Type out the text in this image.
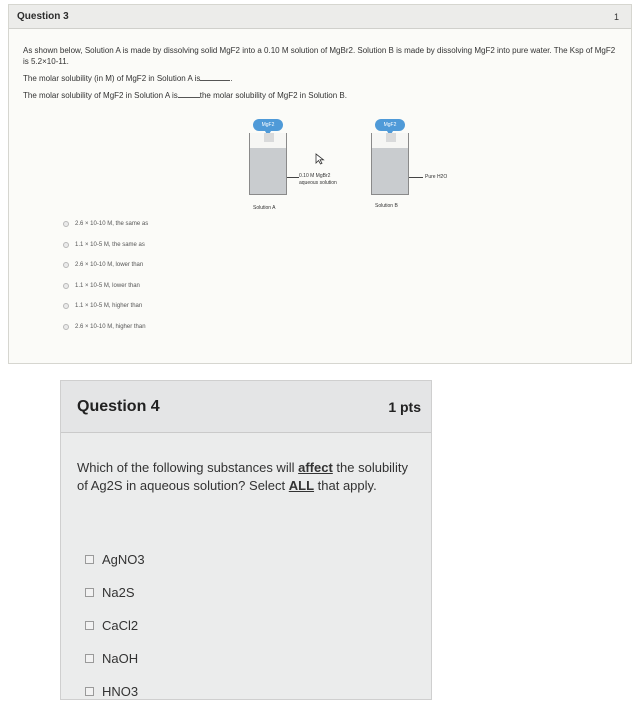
Question 3	1
As shown below, Solution A is made by dissolving solid MgF2 into a 0.10 M solution of MgBr2. Solution B is made by dissolving MgF2 into pure water. The Ksp of MgF2 is 5.2×10-11.
The molar solubility (in M) of MgF2 in Solution A is	.
The molar solubility of MgF2 in Solution A is	the molar solubility of MgF2 in Solution B.
MgF2
0.10 M MgBr2 aqueous solution
MgF2
Pure H2O
Solution A	Solution B
2.6 × 10-10 M, the same as
1.1 × 10-5 M, the same as
2.6 × 10-10 M, lower than
1.1 × 10-5 M, lower than
1.1 × 10-5 M, higher than
2.6 × 10-10 M, higher than
Question 4	1 pts
Which of the following substances will affect the solubility of Ag2S in aqueous solution? Select ALL that apply.
AgNO3
Na2S
CaCl2
NaOH
HNO3
